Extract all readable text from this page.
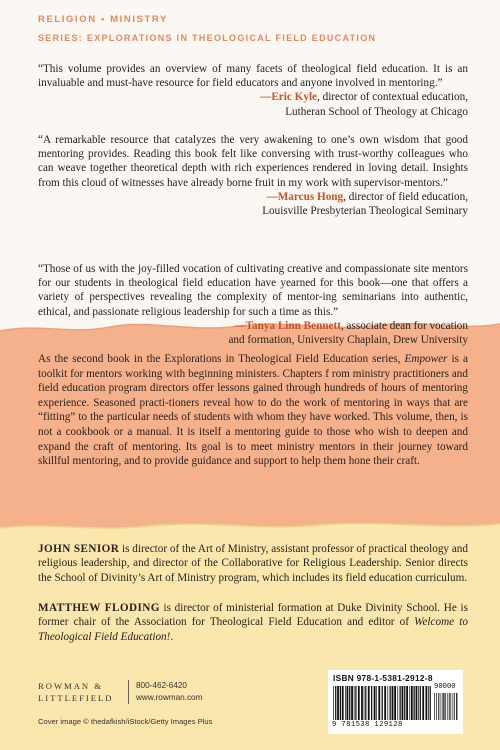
RELIGION • MINISTRY
SERIES: EXPLORATIONS IN THEOLOGICAL FIELD EDUCATION

“This volume provides an overview of many facets of theological field education. It is an invaluable and must-have resource for field educators and anyone involved in mentoring.”

—Eric Kyle, director of contextual education,

Lutheran School of Theology at Chicago

“A remarkable resource that catalyzes the very awakening to one’s own wisdom that good mentoring provides. Reading this book felt like conversing with trust-worthy colleagues who can weave together theoretical depth with rich experiences rendered in loving detail. Insights from this cloud of witnesses have already borne fruit in my work with supervisor-mentors.”

—Marcus Hong, director of field education,

Louisville Presbyterian Theological Seminary

“Those of us with the joy-filled vocation of cultivating creative and compassionate site mentors for our students in theological field education have yearned for this book—one that offers a variety of perspectives revealing the complexity of mentor-ing seminarians into authentic, ethical, and passionate religious leadership for such a time as this.”

—Tanya Linn Bennett, associate dean for vocation

and formation, University Chaplain, Drew University

As the second book in the Explorations in Theological Field Education series, Empower is a toolkit for mentors working with beginning ministers. Chapters f rom ministry practitioners and field education program directors offer lessons gained through hundreds of hours of mentoring experience. Seasoned practi-tioners reveal how to do the work of mentoring in ways that are “fitting” to the particular needs of students with whom they have worked. This volume, then, is not a cookbook or a manual. It is itself a mentoring guide to those who wish to deepen and expand the craft of mentoring. Its goal is to meet ministry mentors in their journey toward skillful mentoring, and to provide guidance and support to help them hone their craft.

JOHN SENIOR is director of the Art of Ministry, assistant professor of practical theology and religious leadership, and director of the Collaborative for Religious Leadership. Senior directs the School of Divinity’s Art of Ministry program, which includes its field education curriculum.

MATTHEW FLODING is director of ministerial formation at Duke Divinity School. He is former chair of the Association for Theological Field Education and editor of Welcome to Theological Field Education!.

ROWMAN &
LITTLEFIELD
800-462-6420
www.rowman.com
Cover image © thedafkish/iStock/Getty Images Plus
ISBN 978-1-5381-2912-8
90000
9 781538 129128
